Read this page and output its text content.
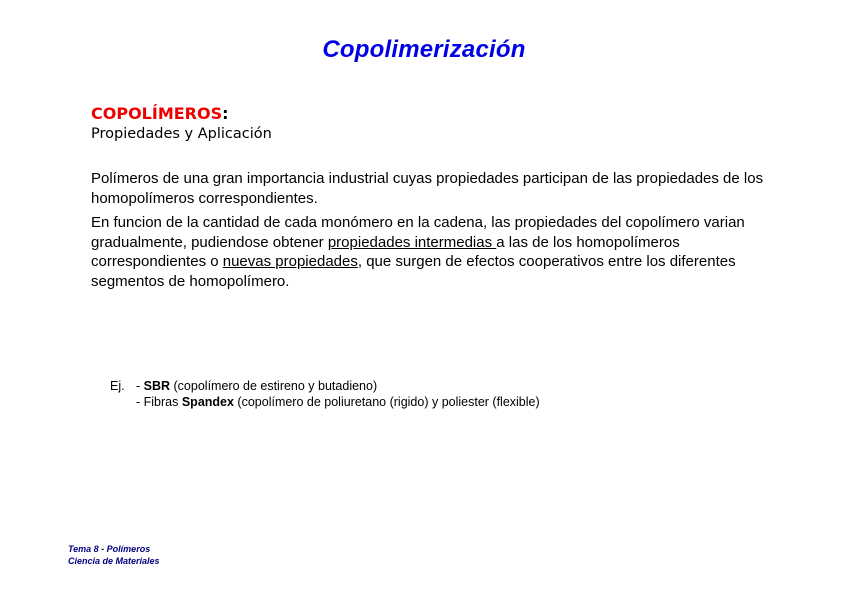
Copolimerización
COPOLÍMEROS:
Propiedades y Aplicación
Polímeros de una gran importancia industrial cuyas propiedades participan de las propiedades de los homopolímeros correspondientes.
En funcion de la cantidad de cada monómero en la cadena, las propiedades del copolímero varian gradualmente, pudiendose obtener propiedades intermedias a las de los homopolímeros correspondientes o nuevas propiedades, que surgen de efectos cooperativos entre los diferentes segmentos de homopolímero.
Ej. - SBR (copolímero de estireno y butadieno)
- Fibras Spandex (copolímero de poliuretano (rigido) y poliester (flexible)
Tema 8 - Polímeros
Ciencia de Materiales
